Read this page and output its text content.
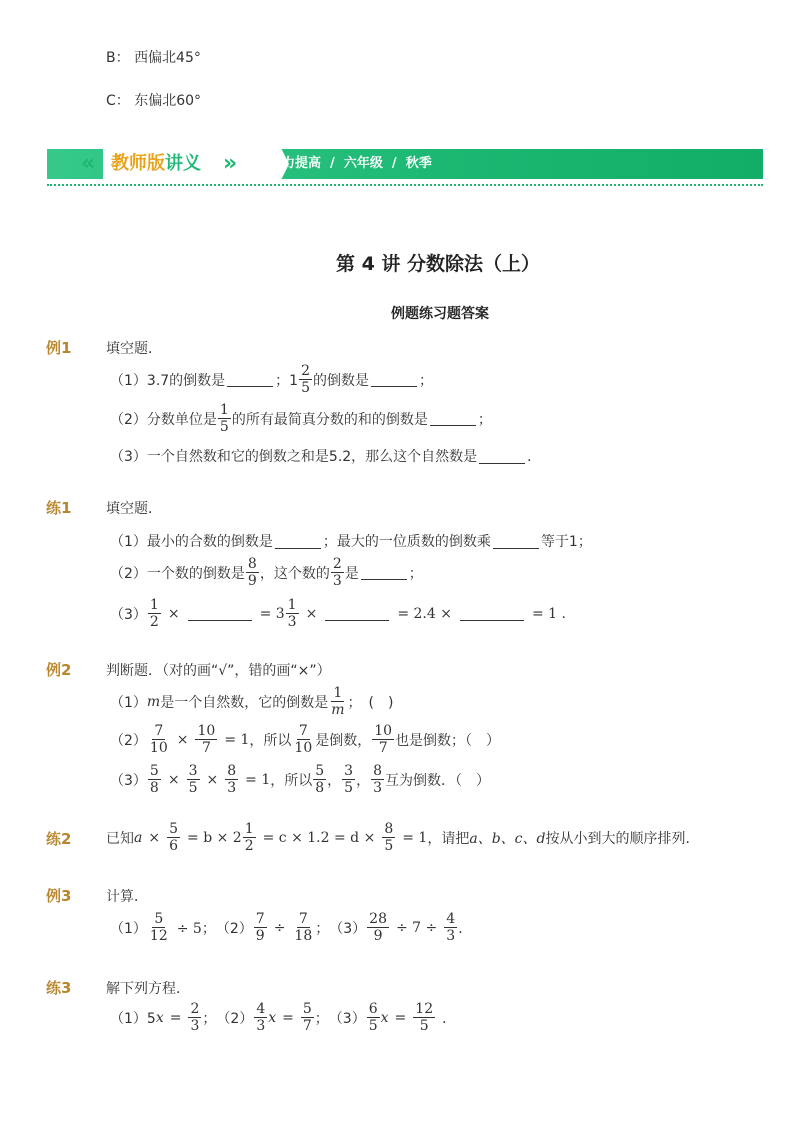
B： 西偏北45°
C： 东偏北60°
« 教师版讲义 » 能力提高  /  六年级  /  秋季
第 4 讲 分数除法（上）
例题练习题答案
例1 填空题．
（1）3.7的倒数是	；$1 \frac{2}{5}$ 的倒数是	；
（2）分数单位是 $\frac{1}{5}$ 的所有最简真分数的和的倒数是	；
（3）一个自然数和它的倒数之和是5.2，那么这个自然数是	．
练1 填空题．
（1）最小的合数的倒数是	；最大的一位质数的倒数乘	等于1；
（2）一个数的倒数是 $\frac{8}{9}$ ，这个数的 $\frac{2}{3}$ 是	；
$(3) \frac{1}{2}$ ×	= $3 \frac{1}{3}$ ×	= 2.4 ×	= 1 .
例2 判断题．（对的画“√”，错的画“×”）
（1） m 是一个自然数，它的倒数是 $\frac{1}{m}$ ；　(　)
$(2) \frac{7}{10} \times \frac{10}{7} = 1$ ，所以 $\frac{7}{10}$ 是倒数， $\frac{10}{7}$ 也是倒数；（　）
$(3) \frac{5}{8} \times \frac{3}{5} \times \frac{8}{3} = 1$ ，所以 $\frac{5}{8}$ ， $\frac{3}{5}$ ， $\frac{8}{3}$ 互为倒数．（　）
练2 已知 $a \times \frac{5}{6} = b \times 2 \frac{1}{2} = c \times 1.2 = d \times \frac{8}{5} = 1$ ，请把 a、b、c、d 按从小到大的顺序排列．
例3 计算．
$(1) \frac{5}{12} \div 5$； $(2) \frac{7}{9} \div \frac{7}{18}$ ； $(3) \frac{28}{9} \div 7 \div \frac{4}{3}$ ．
练3 解下列方程．
（1）5 $x = \frac{2}{3}$ ； $(2) \frac{4}{3}$ $x = \frac{5}{7}$ ； $(3) \frac{6}{5}$ $x = \frac{12}{5}$ ．
